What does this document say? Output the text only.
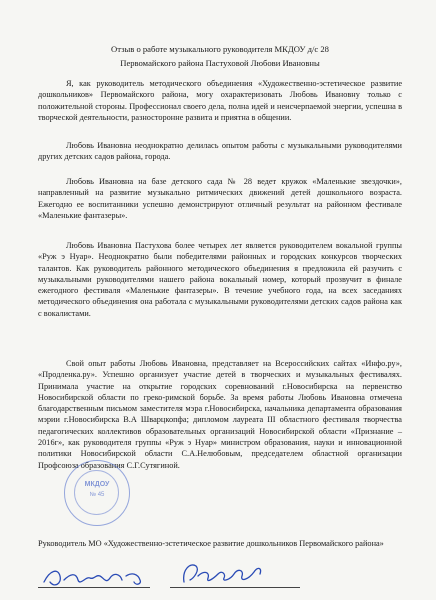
Отзыв о работе музыкального руководителя МКДОУ д/с 28
Первомайского района Пастуховой Любови Ивановны
Я, как руководитель методического объединения «Художественно-эстетическое развитие дошкольников» Первомайского района, могу охарактеризовать Любовь Ивановну только с положительной стороны. Профессионал своего дела, полна идей и неисчерпаемой энергии, успешна в творческой деятельности, разносторонне развита и приятна в общении.
Любовь Ивановна неоднократно делилась опытом работы с музыкальными руководителями других детских садов района, города.
Любовь Ивановна на базе детского сада № 28 ведет кружок «Маленькие звездочки», направленный на развитие музыкально ритмических движений детей дошкольного возраста. Ежегодно ее воспитанники успешно демонстрируют отличный результат на районном фестивале «Маленькие фантазеры».
Любовь Ивановна Пастухова более четырех лет является руководителем вокальной группы «Руж э Нуар». Неоднократно были победителями районных и городских конкурсов творческих талантов. Как руководитель районного методического объединения я предложила ей разучить с музыкальными руководителями нашего района вокальный номер, который прозвучит в финале ежегодного фестиваля «Маленькие фантазеры». В течение учебного года, на всех заседаниях методического объединения она работала с музыкальными руководителями детских садов района как с вокалистами.
Свой опыт работы Любовь Ивановна, представляет на Всероссийских сайтах «Инфо.ру», «Продленка.ру». Успешно организует участие детей в творческих и музыкальных фестивалях. Принимала участие на открытие городских соревнований г.Новосибирска на первенство Новосибирской области по греко-римской борьбе. За время работы Любовь Ивановна отмечена благодарственным письмом заместителя мэра г.Новосибирска, начальника департамента образования мэрии г.Новосибирска В.А Шварцкопфа; дипломом лауреата III областного фестиваля творчества педагогических коллективов образовательных организаций Новосибирской области «Признание – 2016г», как руководителя группы «Руж э Нуар» министром образования, науки и инновационной политики Новосибирской области С.А.Нелюбовым, председателем областной организации Профсоюза образования С.Г.Сутягиной.
МКДОУ
№ 45
Руководитель МО «Художественно-эстетическое развитие дошкольников Первомайского района»
